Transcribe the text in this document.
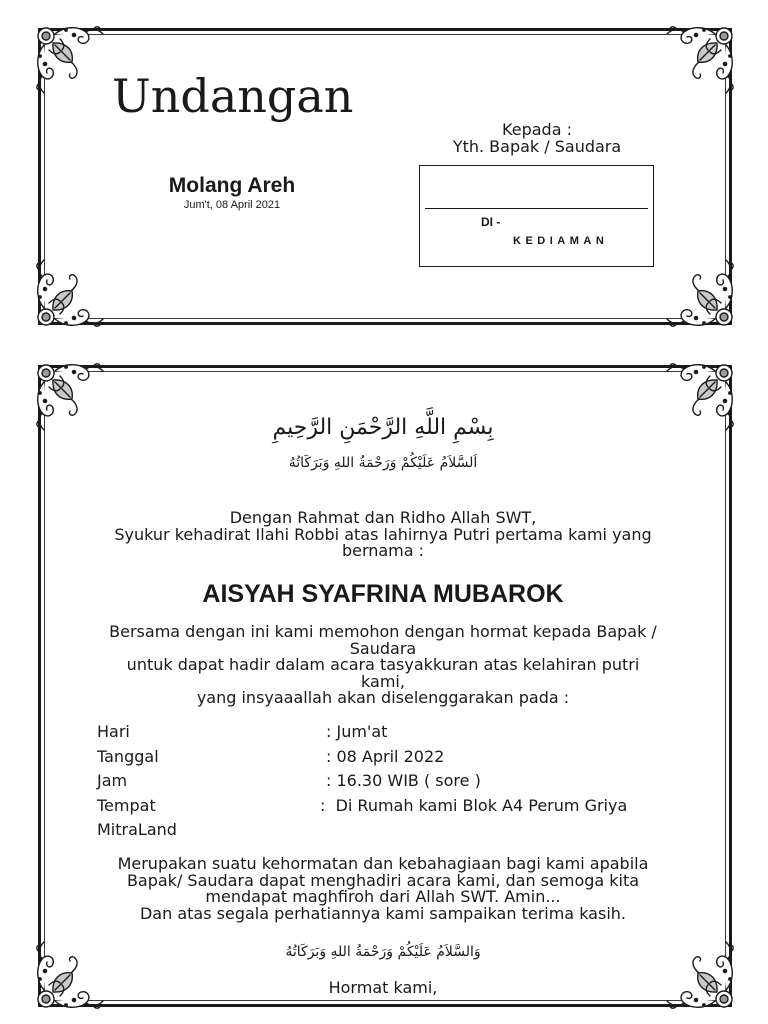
Undangan
Kepada :
Yth. Bapak / Saudara
Molang Areh
Jum't, 08 April 2021
DI -
KEDIAMAN
بِسْمِ اللَّهِ الرَّحْمَنِ الرَّحِيمِ
اَلسَّلاَمُ عَلَيْكُمْ وَرَحْمَةُ اللهِ وَبَرَكَاتُهُ
Dengan Rahmat dan Ridho Allah SWT,
Syukur kehadirat Ilahi Robbi atas lahirnya Putri pertama kami yang
bernama :
AISYAH SYAFRINA MUBAROK
Bersama dengan ini kami memohon dengan hormat kepada Bapak /
Saudara
untuk dapat hadir dalam acara tasyakkuran atas kelahiran putri
kami,
yang insyaaallah akan diselenggarakan pada :
Hari	: Jum'at
Tanggal	: 08 April 2022
Jam	: 16.30 WIB ( sore )
Tempat	:  Di Rumah kami Blok A4 Perum Griya
MitraLand
Merupakan suatu kehormatan dan kebahagiaan bagi kami apabila
Bapak/ Saudara dapat menghadiri acara kami, dan semoga kita
mendapat maghfiroh dari Allah SWT. Amin...
Dan atas segala perhatiannya kami sampaikan terima kasih.
وَالسَّلاَمُ عَلَيْكُمْ وَرَحْمَةُ اللهِ وَبَرَكَاتُهُ
Hormat kami,
